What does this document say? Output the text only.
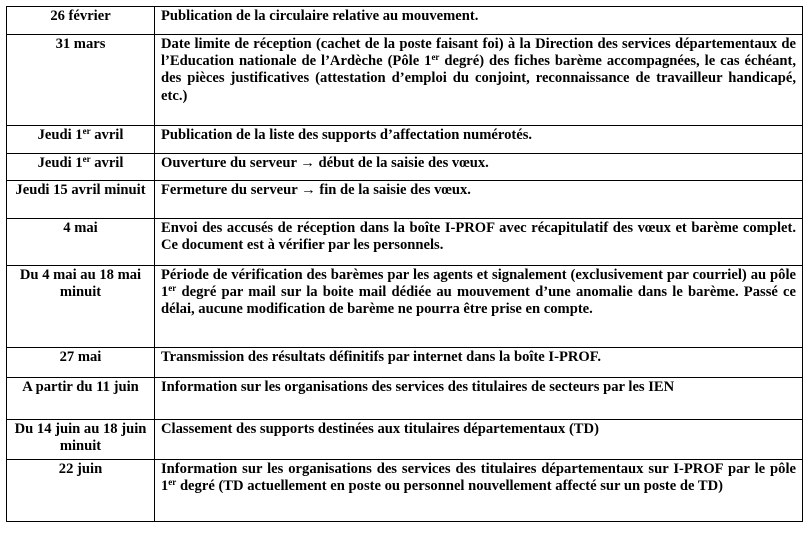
26 février	Publication de la circulaire relative au mouvement.
31 mars	Date limite de réception (cachet de la poste faisant foi) à la Direction des services départementaux de l’Education nationale de l’Ardèche (Pôle 1er degré) des fiches barème accompagnées, le cas échéant, des pièces justificatives (attestation d’emploi du conjoint, reconnaissance de travailleur handicapé, etc.)
Jeudi 1er avril	Publication de la liste des supports d’affectation numérotés.
Jeudi 1er avril	Ouverture du serveur → début de la saisie des vœux.
Jeudi 15 avril minuit	Fermeture du serveur → fin de la saisie des vœux.
4 mai	Envoi des accusés de réception dans la boîte I-PROF avec récapitulatif des vœux et barème complet. Ce document est à vérifier par les personnels.
Du 4 mai au 18 mai minuit	Période de vérification des barèmes par les agents et signalement (exclusivement par courriel) au pôle 1er degré par mail sur la boite mail dédiée au mouvement d’une anomalie dans le barème. Passé ce délai, aucune modification de barème ne pourra être prise en compte.
27 mai	Transmission des résultats définitifs par internet dans la boîte I-PROF.
A partir du 11 juin	Information sur les organisations des services des titulaires de secteurs par les IEN
Du 14 juin au 18 juin minuit	Classement des supports destinées aux titulaires départementaux (TD)
22 juin	Information sur les organisations des services des titulaires départementaux sur I-PROF par le pôle 1er degré (TD actuellement en poste ou personnel nouvellement affecté sur un poste de TD)
